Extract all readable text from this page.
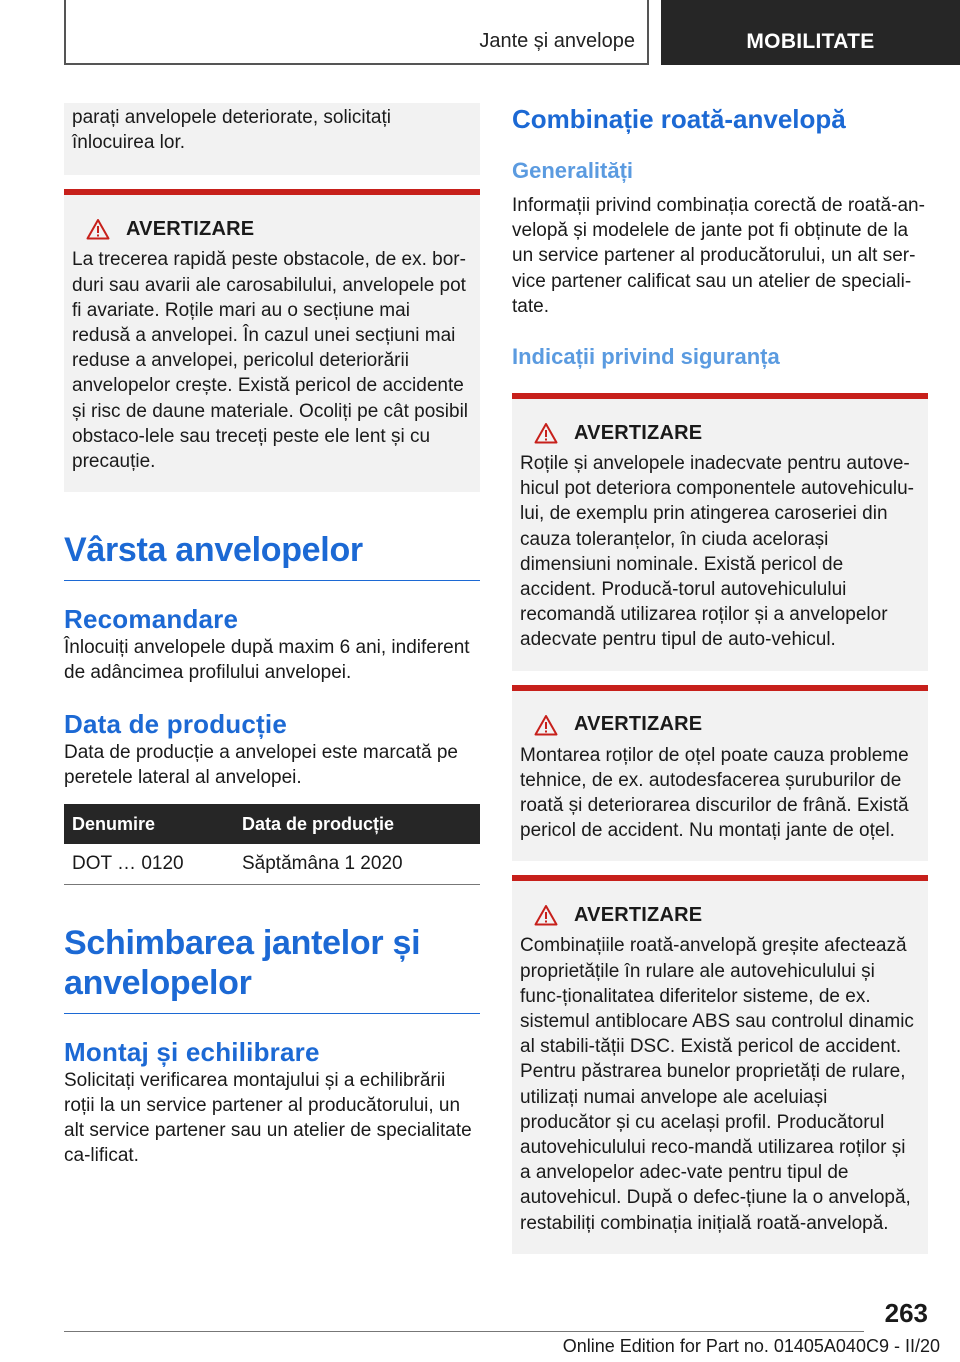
Jante și anvelope	MOBILITATE
parați anvelopele deteriorate, solicitați înlocuirea lor.
AVERTIZARE
La trecerea rapidă peste obstacole, de ex. bor-duri sau avarii ale carosabilului, anvelopele pot fi avariate. Roțile mari au o secțiune mai redusă a anvelopei. În cazul unei secțiuni mai reduse a anvelopei, pericolul deteriorării anvelopelor crește. Există pericol de accidente și risc de daune materiale. Ocoliți pe cât posibil obstaco-lele sau treceți peste ele lent și cu precauție.
Vârsta anvelopelor
Recomandare
Înlocuiți anvelopele după maxim 6 ani, indiferent de adâncimea profilului anvelopei.
Data de producție
Data de producție a anvelopei este marcată pe peretele lateral al anvelopei.
Denumire	Data de producție
DOT … 0120	Săptămâna 1 2020
Schimbarea jantelor și anvelopelor
Montaj și echilibrare
Solicitați verificarea montajului și a echilibrării roții la un service partener al producătorului, un alt service partener sau un atelier de specialitate ca-lificat.
Combinație roată-anvelopă
Generalități
Informații privind combinația corectă de roată-an-velopă și modelele de jante pot fi obținute de la un service partener al producătorului, un alt ser-vice partener calificat sau un atelier de speciali-tate.
Indicații privind siguranța
AVERTIZARE
Roțile și anvelopele inadecvate pentru autove-hicul pot deteriora componentele autovehiculu-lui, de exemplu prin atingerea caroseriei din cauza toleranțelor, în ciuda acelorași dimensiuni nominale. Există pericol de accident. Producă-torul autovehiculului recomandă utilizarea roților și a anvelopelor adecvate pentru tipul de auto-vehicul.
AVERTIZARE
Montarea roților de oțel poate cauza probleme tehnice, de ex. autodesfacerea șuruburilor de roată și deteriorarea discurilor de frână. Există pericol de accident. Nu montați jante de oțel.
AVERTIZARE
Combinațiile roată-anvelopă greșite afectează proprietățile în rulare ale autovehiculului și func-ționalitatea diferitelor sisteme, de ex. sistemul antiblocare ABS sau controlul dinamic al stabili-tății DSC. Există pericol de accident. Pentru păstrarea bunelor proprietăți de rulare, utilizați numai anvelope ale aceluiași producător și cu același profil. Producătorul autovehiculului reco-mandă utilizarea roților și a anvelopelor adec-vate pentru tipul de autovehicul. După o defec-țiune la o anvelopă, restabiliți combinația inițială roată-anvelopă.
263
Online Edition for Part no. 01405A040C9 - II/20
